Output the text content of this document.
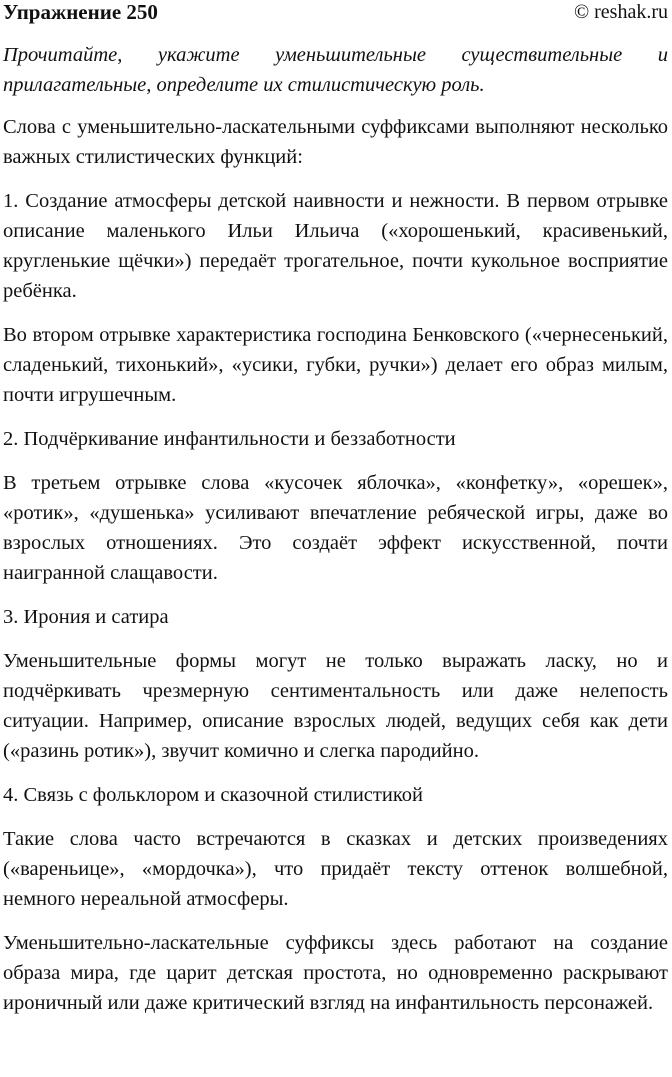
Упражнение 250	© reshak.ru

Прочитайте, укажите уменьшительные существительные и прилагательные, определите их стилистическую роль.

Слова с уменьшительно-ласкательными суффиксами выполняют несколько важных стилистических функций:

1. Создание атмосферы детской наивности и нежности. В первом отрывке описание маленького Ильи Ильича («хорошенький, красивенький, кругленькие щёчки») передаёт трогательное, почти кукольное восприятие ребёнка.

Во втором отрывке характеристика господина Бенковского («чернесенький, сладенький, тихонький», «усики, губки, ручки») делает его образ милым, почти игрушечным.

2. Подчёркивание инфантильности и беззаботности

В третьем отрывке слова «кусочек яблочка», «конфетку», «орешек», «ротик», «душенька» усиливают впечатление ребяческой игры, даже во взрослых отношениях. Это создаёт эффект искусственной, почти наигранной слащавости.

3. Ирония и сатира

Уменьшительные формы могут не только выражать ласку, но и подчёркивать чрезмерную сентиментальность или даже нелепость ситуации. Например, описание взрослых людей, ведущих себя как дети («разинь ротик»), звучит комично и слегка пародийно.

4. Связь с фольклором и сказочной стилистикой

Такие слова часто встречаются в сказках и детских произведениях («вареньице», «мордочка»), что придаёт тексту оттенок волшебной, немного нереальной атмосферы.

Уменьшительно-ласкательные суффиксы здесь работают на создание образа мира, где царит детская простота, но одновременно раскрывают ироничный или даже критический взгляд на инфантильность персонажей.
